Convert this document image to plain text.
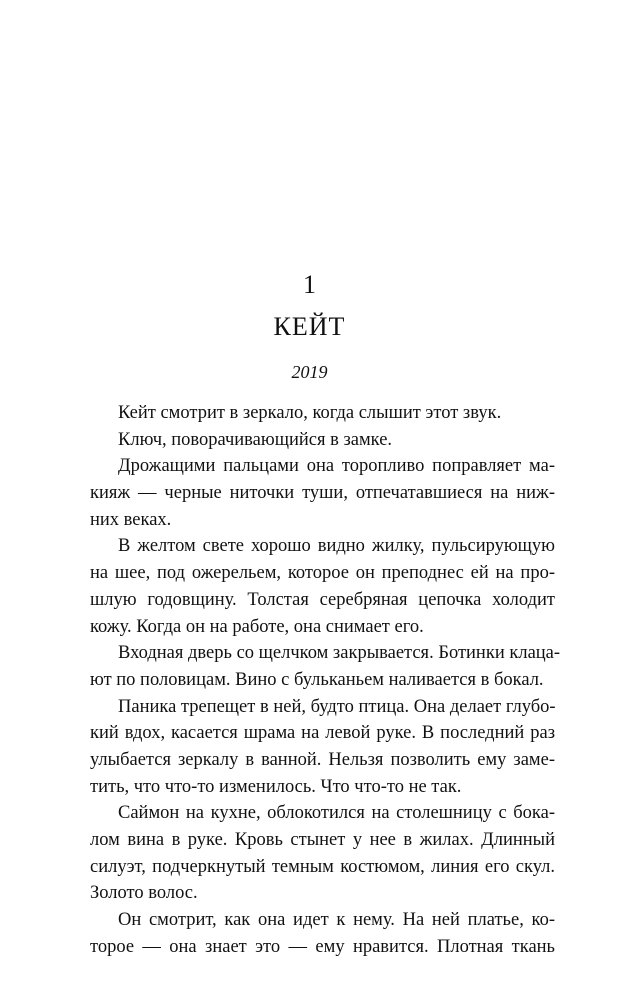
1
КЕЙТ
2019
Кейт смотрит в зеркало, когда слышит этот звук.
Ключ, поворачивающийся в замке.
Дрожащими пальцами она торопливо поправляет ма-
кияж — черные ниточки туши, отпечатавшиеся на ниж-
них веках.
В желтом свете хорошо видно жилку, пульсирующую
на шее, под ожерельем, которое он преподнес ей на про-
шлую годовщину. Толстая серебряная цепочка холодит
кожу. Когда он на работе, она снимает его.
Входная дверь со щелчком закрывается. Ботинки клаца-
ют по половицам. Вино с бульканьем наливается в бокал.
Паника трепещет в ней, будто птица. Она делает глубо-
кий вдох, касается шрама на левой руке. В последний раз
улыбается зеркалу в ванной. Нельзя позволить ему заме-
тить, что что-то изменилось. Что что-то не так.
Саймон на кухне, облокотился на столешницу с бока-
лом вина в руке. Кровь стынет у нее в жилах. Длинный
силуэт, подчеркнутый темным костюмом, линия его скул.
Золото волос.
Он смотрит, как она идет к нему. На ней платье, ко-
торое — она знает это — ему нравится. Плотная ткань
